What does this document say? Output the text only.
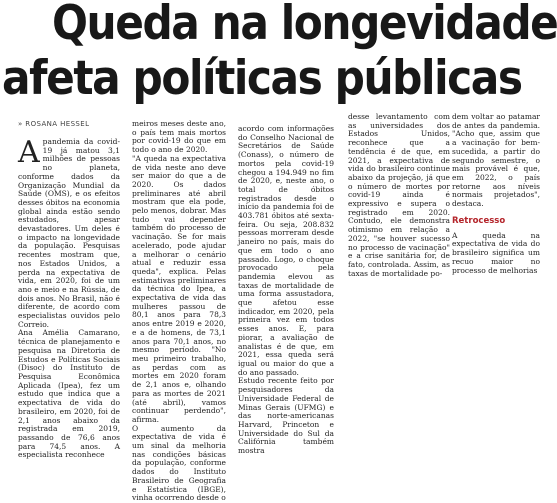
Queda na longevidade
afeta políticas públicas
» ROSANA HESSEL

A pandemia da covid-19 já matou 3,1 milhões de pessoas no planeta, conforme dados da Organização Mundial da Saúde (OMS), e os efeitos desses óbitos na economia global ainda estão sendo estudados, apesar devastadores. Um deles é o impacto na longevidade da população. Pesquisas recentes mostram que, nos Estados Unidos, a perda na expectativa de vida, em 2020, foi de um ano e meio e na Rússia, de dois anos. No Brasil, não é diferente, de acordo com especialistas ouvidos pelo Correio.

Ana Amélia Camarano, técnica de planejamento e pesquisa na Diretoria de Estudos e Políticas Sociais (Disoc) do Instituto de Pesquisa Econômica Aplicada (Ipea), fez um estudo que indica que a expectativa de vida do brasileiro, em 2020, foi de 2,1 anos abaixo da registrada em 2019, passando de 76,6 anos para 74,5 anos. A especialista reconhece

meiros meses deste ano, o país tem mais mortos por covid-19 do que em todo o ano de 2020.

"A queda na expectativa de vida neste ano deve ser maior do que a de 2020. Os dados preliminares até abril mostram que ela pode, pelo menos, dobrar. Mas tudo vai depender também do processo de vacinação. Se for mais acelerado, pode ajudar a melhorar o cenário atual e reduzir essa queda", explica. Pelas estimativas preliminares da técnica do Ipea, a expectativa de vida das mulheres passou de 80,1 anos para 78,3 anos entre 2019 e 2020, e a de homens, de 73,1 anos para 70,1 anos, no mesmo período. "No meu primeiro trabalho, as perdas com as mortes em 2020 foram de 2,1 anos e, olhando para as mortes de 2021 (até abril), vamos continuar perdendo", afirma.

O aumento da expectativa de vida é um sinal da melhoria nas condições básicas da população, conforme dados do Instituto Brasileiro de Geografia e Estatística (IBGE), vinha ocorrendo desde o

acordo com informações do Conselho Nacional de Secretários de Saúde (Conass), o número de mortos pela covid-19 chegou a 194.949 no fim de 2020, e, neste ano, o total de óbitos registrados desde o início da pandemia foi de 403.781 óbitos até sexta-feira. Ou seja, 208.832 pessoas morreram desde janeiro no país, mais do que em todo o ano passado. Logo, o choque provocado pela pandemia elevou as taxas de mortalidade de uma forma assustadora, que afetou esse indicador, em 2020, pela primeira vez em todos esses anos. E, para piorar, a avaliação de analistas é de que, em 2021, essa queda será igual ou maior do que a do ano passado.

Estudo recente feito por pesquisadores da Universidade Federal de Minas Gerais (UFMG) e das norte-americanas Harvard, Princeton e Universidade do Sul da Califórnia também mostra

desse levantamento com as universidades dos Estados Unidos, reconhece que a tendência é de que, em 2021, a expectativa de vida do brasileiro continue abaixo da projeção, já que o número de mortes por covid-19 ainda é expressivo e supera o registrado em 2020. Contudo, ele demonstra otimismo em relação a 2022, "se houver sucesso no processo de vacinação" e a crise sanitária for, de fato, controlada. Assim, as taxas de mortalidade po-

dem voltar ao patamar de antes da pandemia. "Acho que, assim que a vacinação for bem-sucedida, a partir do segundo semestre, o mais provável é que, em 2022, o país retorne aos níveis normais projetados", destaca.

Retrocesso

A queda na expectativa de vida do brasileiro significa um recuo maior no processo de melhorias
